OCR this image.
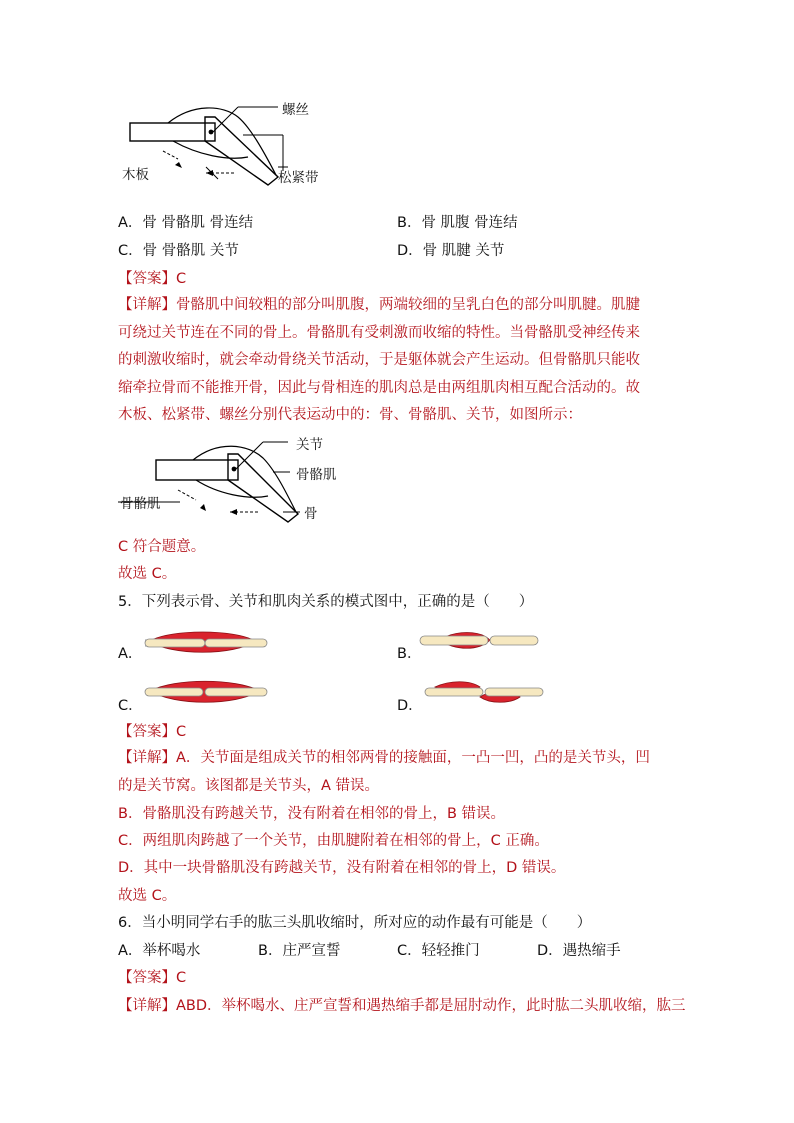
螺丝
木板	松紧带
A．骨 骨骼肌 骨连结	B．骨 肌腹 骨连结
C．骨 骨骼肌 关节	D．骨 肌腱 关节
【答案】C
【详解】骨骼肌中间较粗的部分叫肌腹，两端较细的呈乳白色的部分叫肌腱。肌腱可绕过关节连在不同的骨上。骨骼肌有受刺激而收缩的特性。当骨骼肌受神经传来的刺激收缩时，就会牵动骨绕关节活动，于是躯体就会产生运动。但骨骼肌只能收缩牵拉骨而不能推开骨，因此与骨相连的肌肉总是由两组肌肉相互配合活动的。故木板、松紧带、螺丝分别代表运动中的：骨、骨骼肌、关节，如图所示：
关节
骨骼肌
骨骼肌
骨
C 符合题意。
故选 C。
5．下列表示骨、关节和肌肉关系的模式图中，正确的是（　　）
A．	B．
C．	D．
【答案】C
【详解】A．关节面是组成关节的相邻两骨的接触面，一凸一凹，凸的是关节头，凹的是关节窝。该图都是关节头，A 错误。
B．骨骼肌没有跨越关节，没有附着在相邻的骨上，B 错误。
C．两组肌肉跨越了一个关节，由肌腱附着在相邻的骨上，C 正确。
D．其中一块骨骼肌没有跨越关节，没有附着在相邻的骨上，D 错误。
故选 C。
6．当小明同学右手的肱三头肌收缩时，所对应的动作最有可能是（　　）
A．举杯喝水	B．庄严宣誓	C．轻轻推门	D．遇热缩手
【答案】C
【详解】ABD．举杯喝水、庄严宣誓和遇热缩手都是屈肘动作，此时肱二头肌收缩，肱三
